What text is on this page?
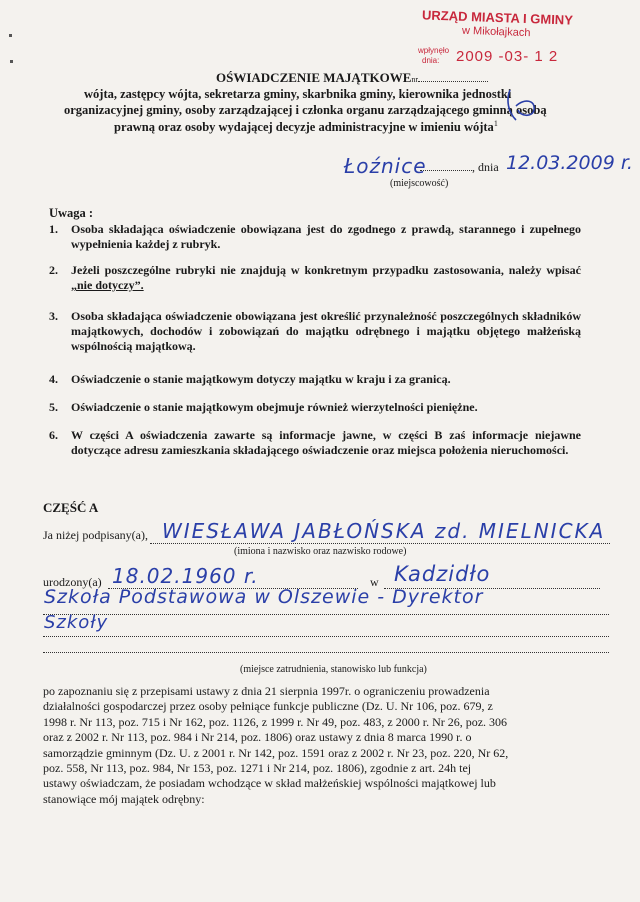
URZĄD MIASTA I GMINY
w Mikołajkach
wpłynęło
dnia: 2009 -03- 1 2
OŚWIADCZENIE MAJĄTKOWEnr
wójta, zastępcy wójta, sekretarza gminy, skarbnika gminy, kierownika jednostki
organizacyjnej gminy, osoby zarządzającej i członka organu zarządzającego gminną osobą
prawną oraz osoby wydającej decyzje administracyjne w imieniu wójta$^1$
Łoźnice	, dnia 12.03.2009 r.
(miejscowość)
Uwaga :
1. Osoba składająca oświadczenie obowiązana jest do zgodnego z prawdą, starannego i zupełnego wypełnienia każdej z rubryk.
2. Jeżeli poszczególne rubryki nie znajdują w konkretnym przypadku zastosowania, należy wpisać „nie dotyczy”.
3. Osoba składająca oświadczenie obowiązana jest określić przynależność poszczególnych składników majątkowych, dochodów i zobowiązań do majątku odrębnego i majątku objętego małżeńską wspólnością majątkową.
4. Oświadczenie o stanie majątkowym dotyczy majątku w kraju i za granicą.
5. Oświadczenie o stanie majątkowym obejmuje również wierzytelności pieniężne.
6. W części A oświadczenia zawarte są informacje jawne, w części B zaś informacje niejawne dotyczące adresu zamieszkania składającego oświadczenie oraz miejsca położenia nieruchomości.
CZĘŚĆ A
Ja niżej podpisany(a), WIESŁAWA JABŁOŃSKA zd. MIELNICKA
(imiona i nazwisko oraz nazwisko rodowe)
urodzony(a) 18.02.1960 r.	w Kadzidło
Szkoła Podstawowa w Olszewie - Dyrektor
Szkoły
(miejsce zatrudnienia, stanowisko lub funkcja)
po zapoznaniu się z przepisami ustawy z dnia 21 sierpnia 1997r. o ograniczeniu prowadzenia
działalności gospodarczej przez osoby pełniące funkcje publiczne (Dz. U. Nr 106, poz. 679, z
1998 r. Nr 113, poz. 715 i Nr 162, poz. 1126, z 1999 r. Nr 49, poz. 483, z 2000 r. Nr 26, poz. 306
oraz z 2002 r. Nr 113, poz. 984 i Nr 214, poz. 1806) oraz ustawy z dnia 8 marca 1990 r. o
samorządzie gminnym (Dz. U. z 2001 r. Nr 142, poz. 1591 oraz z 2002 r. Nr 23, poz. 220, Nr 62,
poz. 558, Nr 113, poz. 984, Nr 153, poz. 1271 i Nr 214, poz. 1806), zgodnie z art. 24h tej
ustawy oświadczam, że posiadam wchodzące w skład małżeńskiej wspólności majątkowej lub
stanowiące mój majątek odrębny:
